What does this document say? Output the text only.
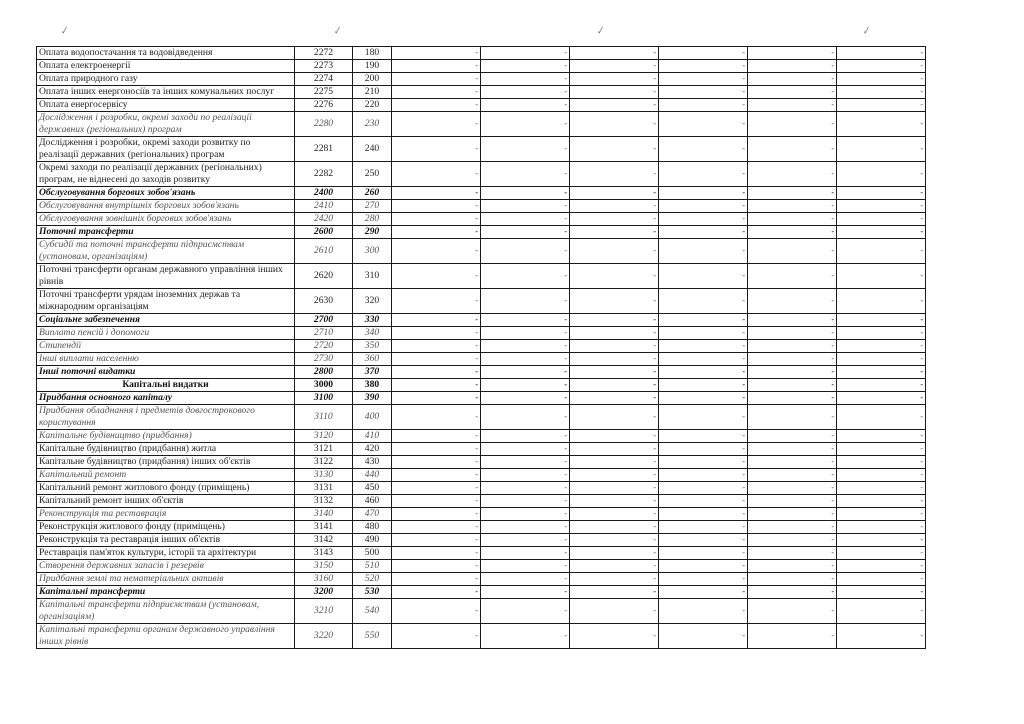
✓	✓	✓	✓
Оплата водопостачання та водовідведення	2272	180	-	-	-	-	-	-
Оплата електроенергії	2273	190	-	-	-	-	-	-
Оплата природного газу	2274	200	-	-	-	-	-	-
Оплата інших енергоносіїв та інших комунальних послуг	2275	210	-	-	-	-	-	-
Оплата енергосервісу	2276	220	-	-	-	-	-	-
Дослідження і розробки, окремі заходи по реалізації державних (регіональних) програм	2280	230	-	-	-	-	-	-
Дослідження і розробки, окремі заходи розвитку по реалізації державних (регіональних) програм	2281	240	-	-	-	-	-	-
Окремі заходи по реалізації державних (регіональних) програм, не віднесені до заходів розвитку	2282	250	-	-	-	-	-	-
Обслуговування боргових зобов'язань	2400	260	-	-	-	-	-	-
Обслуговування внутрішніх боргових зобов'язань	2410	270	-	-	-	-	-	-
Обслуговування зовнішніх боргових зобов'язань	2420	280	-	-	-	-	-	-
Поточні трансферти	2600	290	-	-	-	-	-	-
Субсидії та поточні трансферти підприємствам (установам, організаціям)	2610	300	-	-	-	-	-	-
Поточні трансферти органам державного управління інших рівнів	2620	310	-	-	-	-	-	-
Поточні трансферти урядам іноземних держав та міжнародним організаціям	2630	320	-	-	-	-	-	-
Соціальне забезпечення	2700	330	-	-	-	-	-	-
Виплата пенсій і допомоги	2710	340	-	-	-	-	-	-
Стипендії	2720	350	-	-	-	-	-	-
Інші виплати населенню	2730	360	-	-	-	-	-	-
Інші поточні видатки	2800	370	-	-	-	-	-	-
Капітальні видатки	3000	380	-	-	-	-	-	-
Придбання основного капіталу	3100	390	-	-	-	-	-	-
Придбання обладнання і предметів довгострокового користування	3110	400	-	-	-	-	-	-
Капітальне будівництво (придбання)	3120	410	-	-	-	-	-	-
Капітальне будівництво (придбання) житла	3121	420	-	-	-	-	-	-
Капітальне будівництво (придбання) інших об'єктів	3122	430	-	-	-	-	-	-
Капітальний ремонт	3130	440	-	-	-	-	-	-
Капітальний ремонт житлового фонду (приміщень)	3131	450	-	-	-	-	-	-
Капітальний ремонт інших об'єктів	3132	460	-	-	-	-	-	-
Реконструкція та реставрація	3140	470	-	-	-	-	-	-
Реконструкція житлового фонду (приміщень)	3141	480	-	-	-	-	-	-
Реконструкція та реставрація інших об'єктів	3142	490	-	-	-	-	-	-
Реставрація пам'яток культури, історії та архітектури	3143	500	-	-	-	-	-	-
Створення державних запасів і резервів	3150	510	-	-	-	-	-	-
Придбання землі та нематеріальних активів	3160	520	-	-	-	-	-	-
Капітальні трансферти	3200	530	-	-	-	-	-	-
Капітальні трансферти підприємствам (установам, організаціям)	3210	540	-	-	-	-	-	-
Капітальні трансферти органам державного управління інших рівнів	3220	550	-	-	-	-	-	-
